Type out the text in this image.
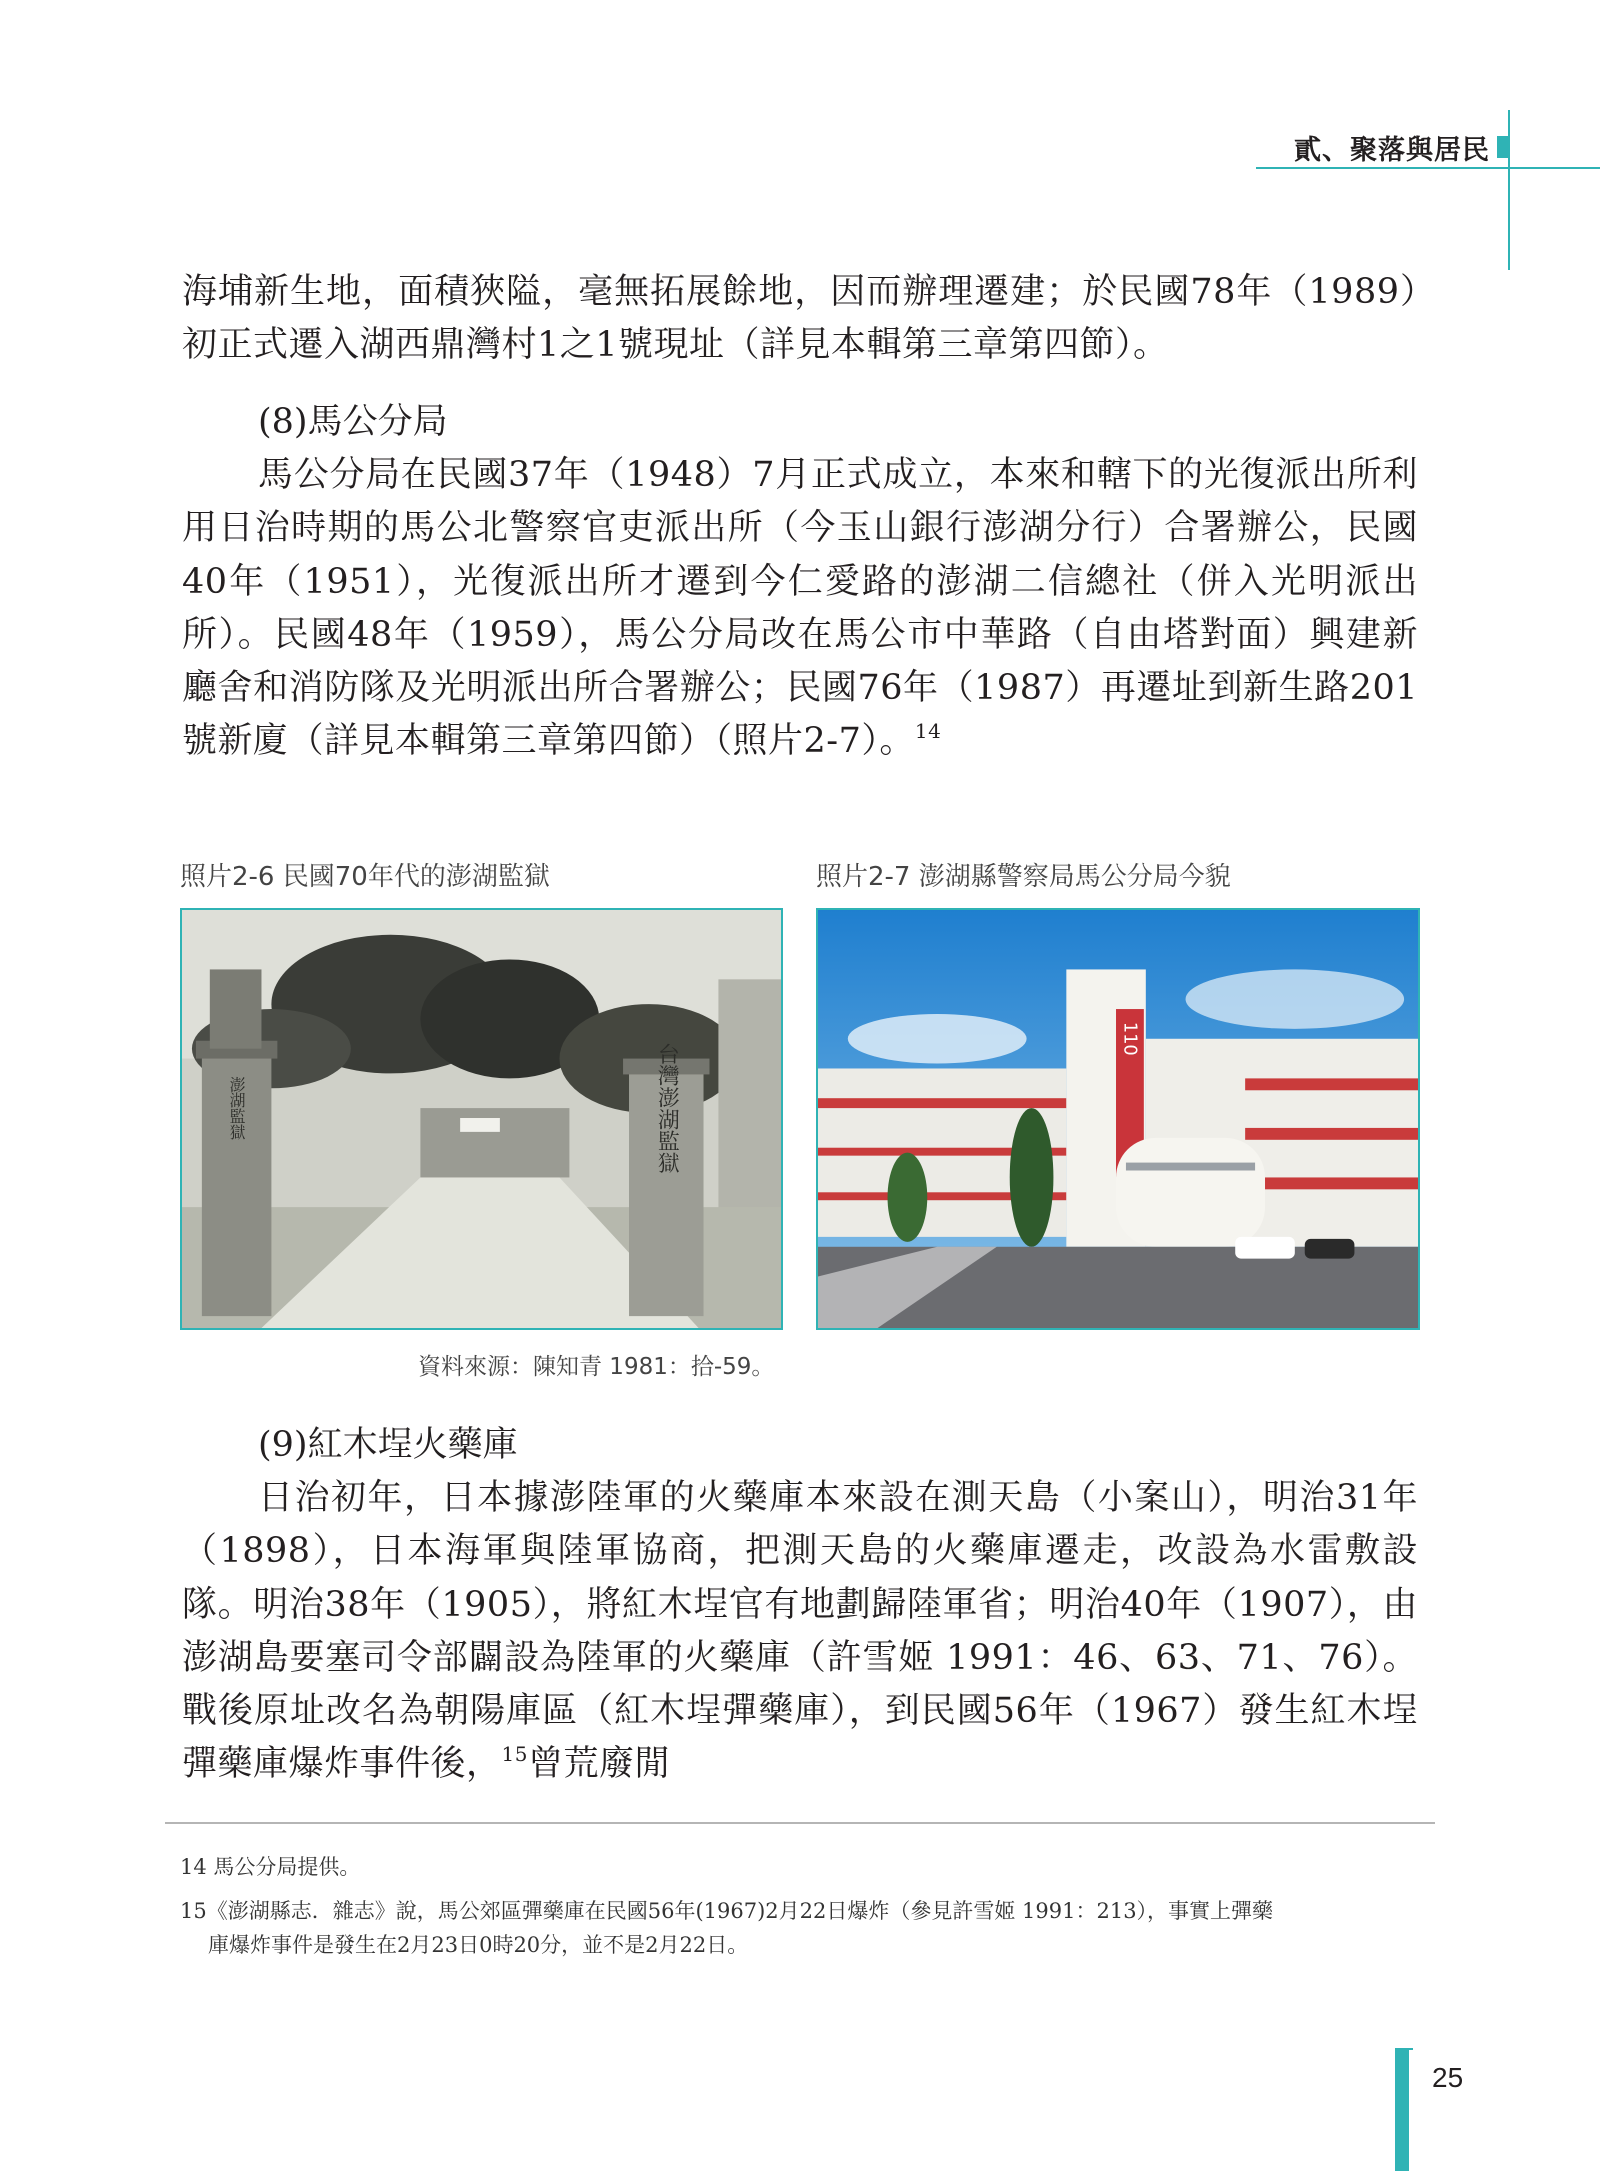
貳、聚落與居民

海埔新生地，面積狹隘，毫無拓展餘地，因而辦理遷建；於民國78年（1989）初正式遷入湖西鼎灣村1之1號現址（詳見本輯第三章第四節）。

(8)馬公分局

馬公分局在民國37年（1948）7月正式成立，本來和轄下的光復派出所利用日治時期的馬公北警察官吏派出所（今玉山銀行澎湖分行）合署辦公，民國40年（1951），光復派出所才遷到今仁愛路的澎湖二信總社（併入光明派出所）。民國48年（1959），馬公分局改在馬公市中華路（自由塔對面）興建新廳舍和消防隊及光明派出所合署辦公；民國76年（1987）再遷址到新生路201號新廈（詳見本輯第三章第四節）（照片2-7）。$^{14}$

照片2-6 民國70年代的澎湖監獄	照片2-7 澎湖縣警察局馬公分局今貌
澎湖監獄	台灣澎湖監獄
110
資料來源：陳知青 1981：拾-59。

(9)紅木埕火藥庫

日治初年，日本據澎陸軍的火藥庫本來設在測天島（小案山），明治31年（1898），日本海軍與陸軍協商，把測天島的火藥庫遷走，改設為水雷敷設隊。明治38年（1905），將紅木埕官有地劃歸陸軍省；明治40年（1907），由澎湖島要塞司令部闢設為陸軍的火藥庫（許雪姬 1991：46、63、71、76）。戰後原址改名為朝陽庫區（紅木埕彈藥庫），到民國56年（1967）發生紅木埕彈藥庫爆炸事件後，$^{15}$曾荒廢閒

14 馬公分局提供。

15《澎湖縣志．雜志》說，馬公郊區彈藥庫在民國56年(1967)2月22日爆炸（參見許雪姬 1991：213），事實上彈藥
庫爆炸事件是發生在2月23日0時20分，並不是2月22日。

25
